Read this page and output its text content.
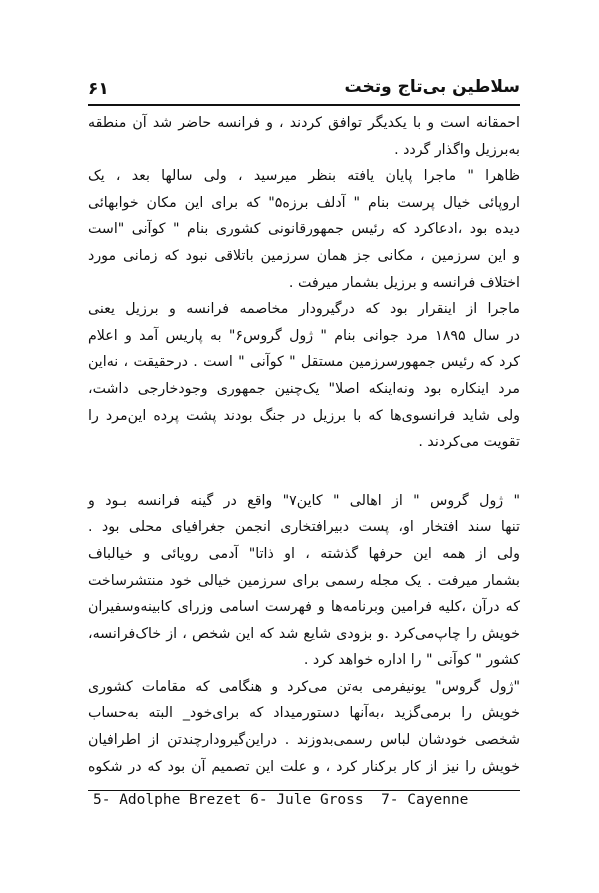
سلاطین بی‌تاج وتخت
۶۱
احمقانه است و با یکدیگر توافق کردند ، و فرانسه حاضر شد آن منطقه
به‌برزیل واگذار گردد .
ظاهرا " ماجرا پایان یافته بنظر میرسید ، ولی سالها بعد ، یک
اروپائی خیال پرست بنام " آدلف برزه۵" که برای این مکان خوابهائی
دیده بود ،ادعاکرد که رئیس جمهورقانونی کشوری بنام " کوآنی "است
و این سرزمین ، مکانی جز همان سرزمین باتلاقی نبود که زمانی مورد
اختلاف فرانسه و برزیل بشمار میرفت .
ماجرا از اینقرار بود که درگیرودار مخاصمه فرانسه و برزیل یعنی
در سال ۱۸۹۵ مرد جوانی بنام " ژول گروس۶" به پاریس آمد و اعلام
کرد که رئیس جمهورسرزمین مستقل " کوآنی " است . درحقیقت ، نه‌این
مرد اینکاره بود ونه‌اینکه اصلا" یک‌چنین جمهوری وجودخارجی داشت،
ولی شاید فرانسوی‌ها که با برزیل در جنگ بودند پشت پرده این‌مرد را
تقویت می‌کردند .
" ژول گروس " از اهالی " کاین۷" واقع در گینه فرانسه بـود و
تنها سند افتخار او، پست دبیرافتخاری انجمن جغرافیای محلی بود .
ولی از همه این حرفها گذشته ، او ذاتا" آدمی رویائی و خیالباف
بشمار میرفت . یک مجله رسمی برای سرزمین خیالی خود منتشرساخت
که درآن ،کلیه فرامین وبرنامه‌ها و فهرست اسامی وزرای کابینه‌وسفیران
خویش را چاپ‌می‌کرد .و بزودی شایع شد که این شخص ، از خاک‌فرانسه،
کشور " کوآنی " را اداره خواهد کرد .
"ژول گروس" یونیفرمی به‌تن می‌کرد و هنگامی که مقامات کشوری
خویش را برمی‌گزید ،به‌آنها دستورمیداد که برای‌خود_ البته به‌حساب
شخصی خودشان لباس رسمی‌بدوزند . دراین‌گیرودارچندتن از اطرافیان
خویش را نیز از کار برکنار کرد ، و علت این تصمیم آن بود که در شکوه
5- Adolphe Brezet 6- Jule Gross  7- Cayenne
